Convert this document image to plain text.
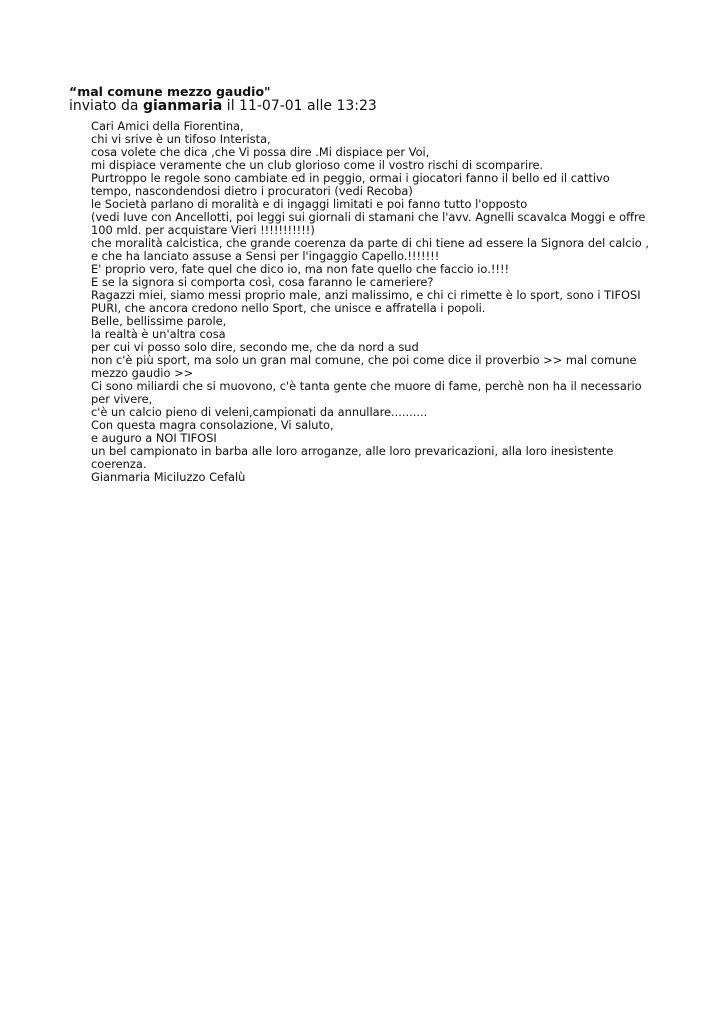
“mal comune mezzo gaudio"
inviato da gianmaria il 11-07-01 alle 13:23
Cari Amici della Fiorentina,
chi vi srive è un tifoso Interista,
cosa volete che dica ,che Vi possa dire .Mi dispiace per Voi,
mi dispiace veramente che un club glorioso come il vostro rischi di scomparire.
Purtroppo le regole sono cambiate ed in peggio, ormai i giocatori fanno il bello ed il cattivo
tempo, nascondendosi dietro i procuratori (vedi Recoba)
le Società parlano di moralità e di ingaggi limitati e poi fanno tutto l'opposto
(vedi Iuve con Ancellotti, poi leggi sui giornali di stamani che l'avv. Agnelli scavalca Moggi e offre
100 mld. per acquistare Vieri !!!!!!!!!!!)
che moralità calcistica, che grande coerenza da parte di chi tiene ad essere la Signora del calcio ,
e che ha lanciato assuse a Sensi per l'ingaggio Capello.!!!!!!!
E' proprio vero, fate quel che dico io, ma non fate quello che faccio io.!!!!
E se la signora si comporta così, cosa faranno le cameriere?
Ragazzi miei, siamo messi proprio male, anzi malissimo, e chi ci rimette è lo sport, sono i TIFOSI
PURI, che ancora credono nello Sport, che unisce e affratella i popoli.
Belle, bellissime parole,
la realtà è un'altra cosa
per cui vi posso solo dire, secondo me, che da nord a sud
non c'è più sport, ma solo un gran mal comune, che poi come dice il proverbio >> mal comune
mezzo gaudio >>
Ci sono miliardi che si muovono, c'è tanta gente che muore di fame, perchè non ha il necessario
per vivere,
c'è un calcio pieno di veleni,campionati da annullare..........
Con questa magra consolazione, Vi saluto,
e auguro a NOI TIFOSI
un bel campionato in barba alle loro arroganze, alle loro prevaricazioni, alla loro inesistente
coerenza.
Gianmaria Miciluzzo Cefalù
